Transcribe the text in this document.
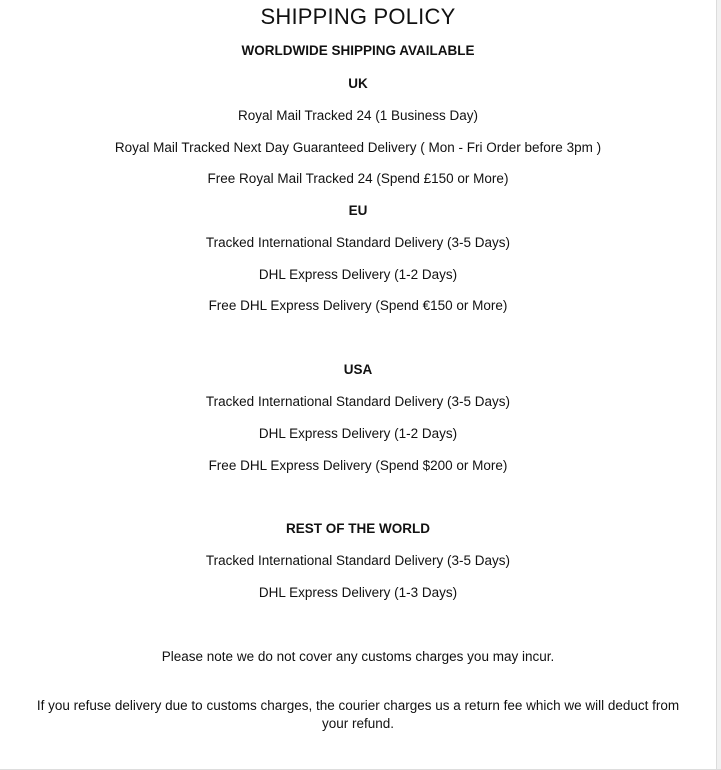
SHIPPING POLICY
WORLDWIDE SHIPPING AVAILABLE
UK
Royal Mail Tracked 24 (1 Business Day)
Royal Mail Tracked Next Day Guaranteed Delivery ( Mon - Fri Order before 3pm )
Free Royal Mail Tracked 24 (Spend £150 or More)
EU
Tracked International Standard Delivery (3-5 Days)
DHL Express Delivery (1-2 Days)
Free DHL Express Delivery (Spend €150 or More)
USA
Tracked International Standard Delivery (3-5 Days)
DHL Express Delivery (1-2 Days)
Free DHL Express Delivery (Spend $200 or More)
REST OF THE WORLD
Tracked International Standard Delivery (3-5 Days)
DHL Express Delivery (1-3 Days)
Please note we do not cover any customs charges you may incur.
If you refuse delivery due to customs charges, the courier charges us a return fee which we will deduct from your refund.
